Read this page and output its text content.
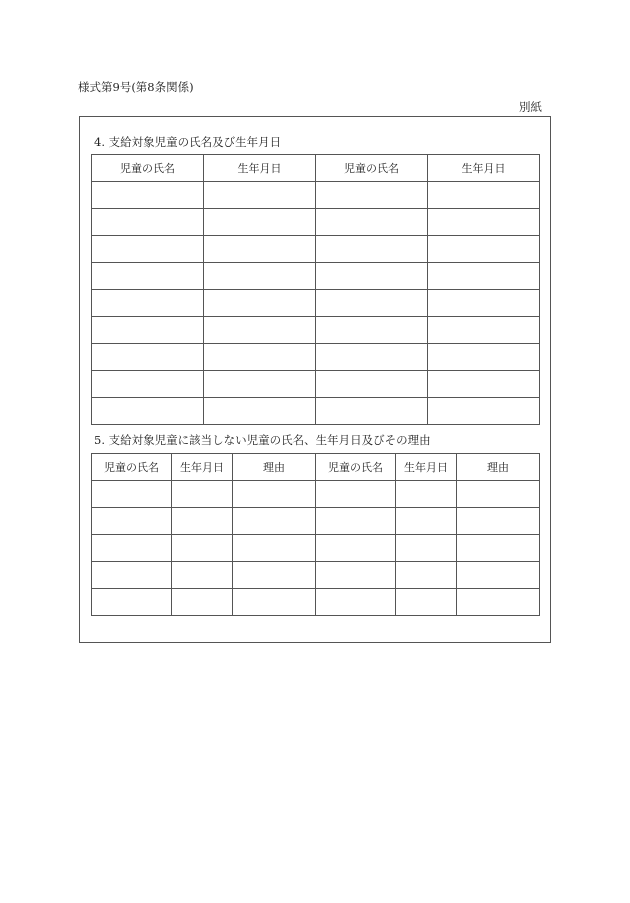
様式第9号(第8条関係)
別紙
4. 支給対象児童の氏名及び生年月日
児童の氏名	生年月日	児童の氏名	生年月日

5. 支給対象児童に該当しない児童の氏名、生年月日及びその理由
児童の氏名	生年月日	理由	児童の氏名	生年月日	理由
